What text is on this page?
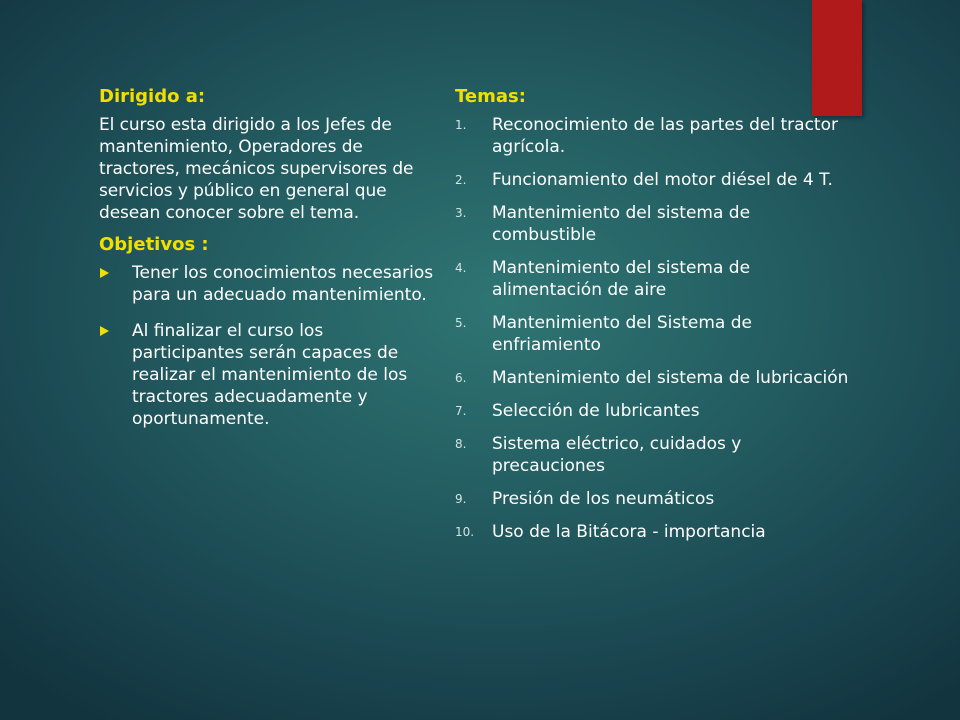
Dirigido a:

El curso esta dirigido a los Jefes de mantenimiento, Operadores de tractores, mecánicos supervisores de servicios y público en general que desean conocer sobre el tema.

Objetivos :
Tener los conocimientos necesarios para un adecuado mantenimiento.
Al finalizar el curso los participantes serán capaces de realizar el mantenimiento de los tractores adecuadamente y oportunamente.
Temas:
1. Reconocimiento de las partes del tractor agrícola.
2. Funcionamiento del motor diésel de 4 T.
3. Mantenimiento del sistema de combustible
4. Mantenimiento del sistema de alimentación de aire
5. Mantenimiento del Sistema de enfriamiento
6. Mantenimiento del sistema de lubricación
7. Selección de lubricantes
8. Sistema eléctrico, cuidados y precauciones
9. Presión de los neumáticos
10. Uso de la Bitácora - importancia
